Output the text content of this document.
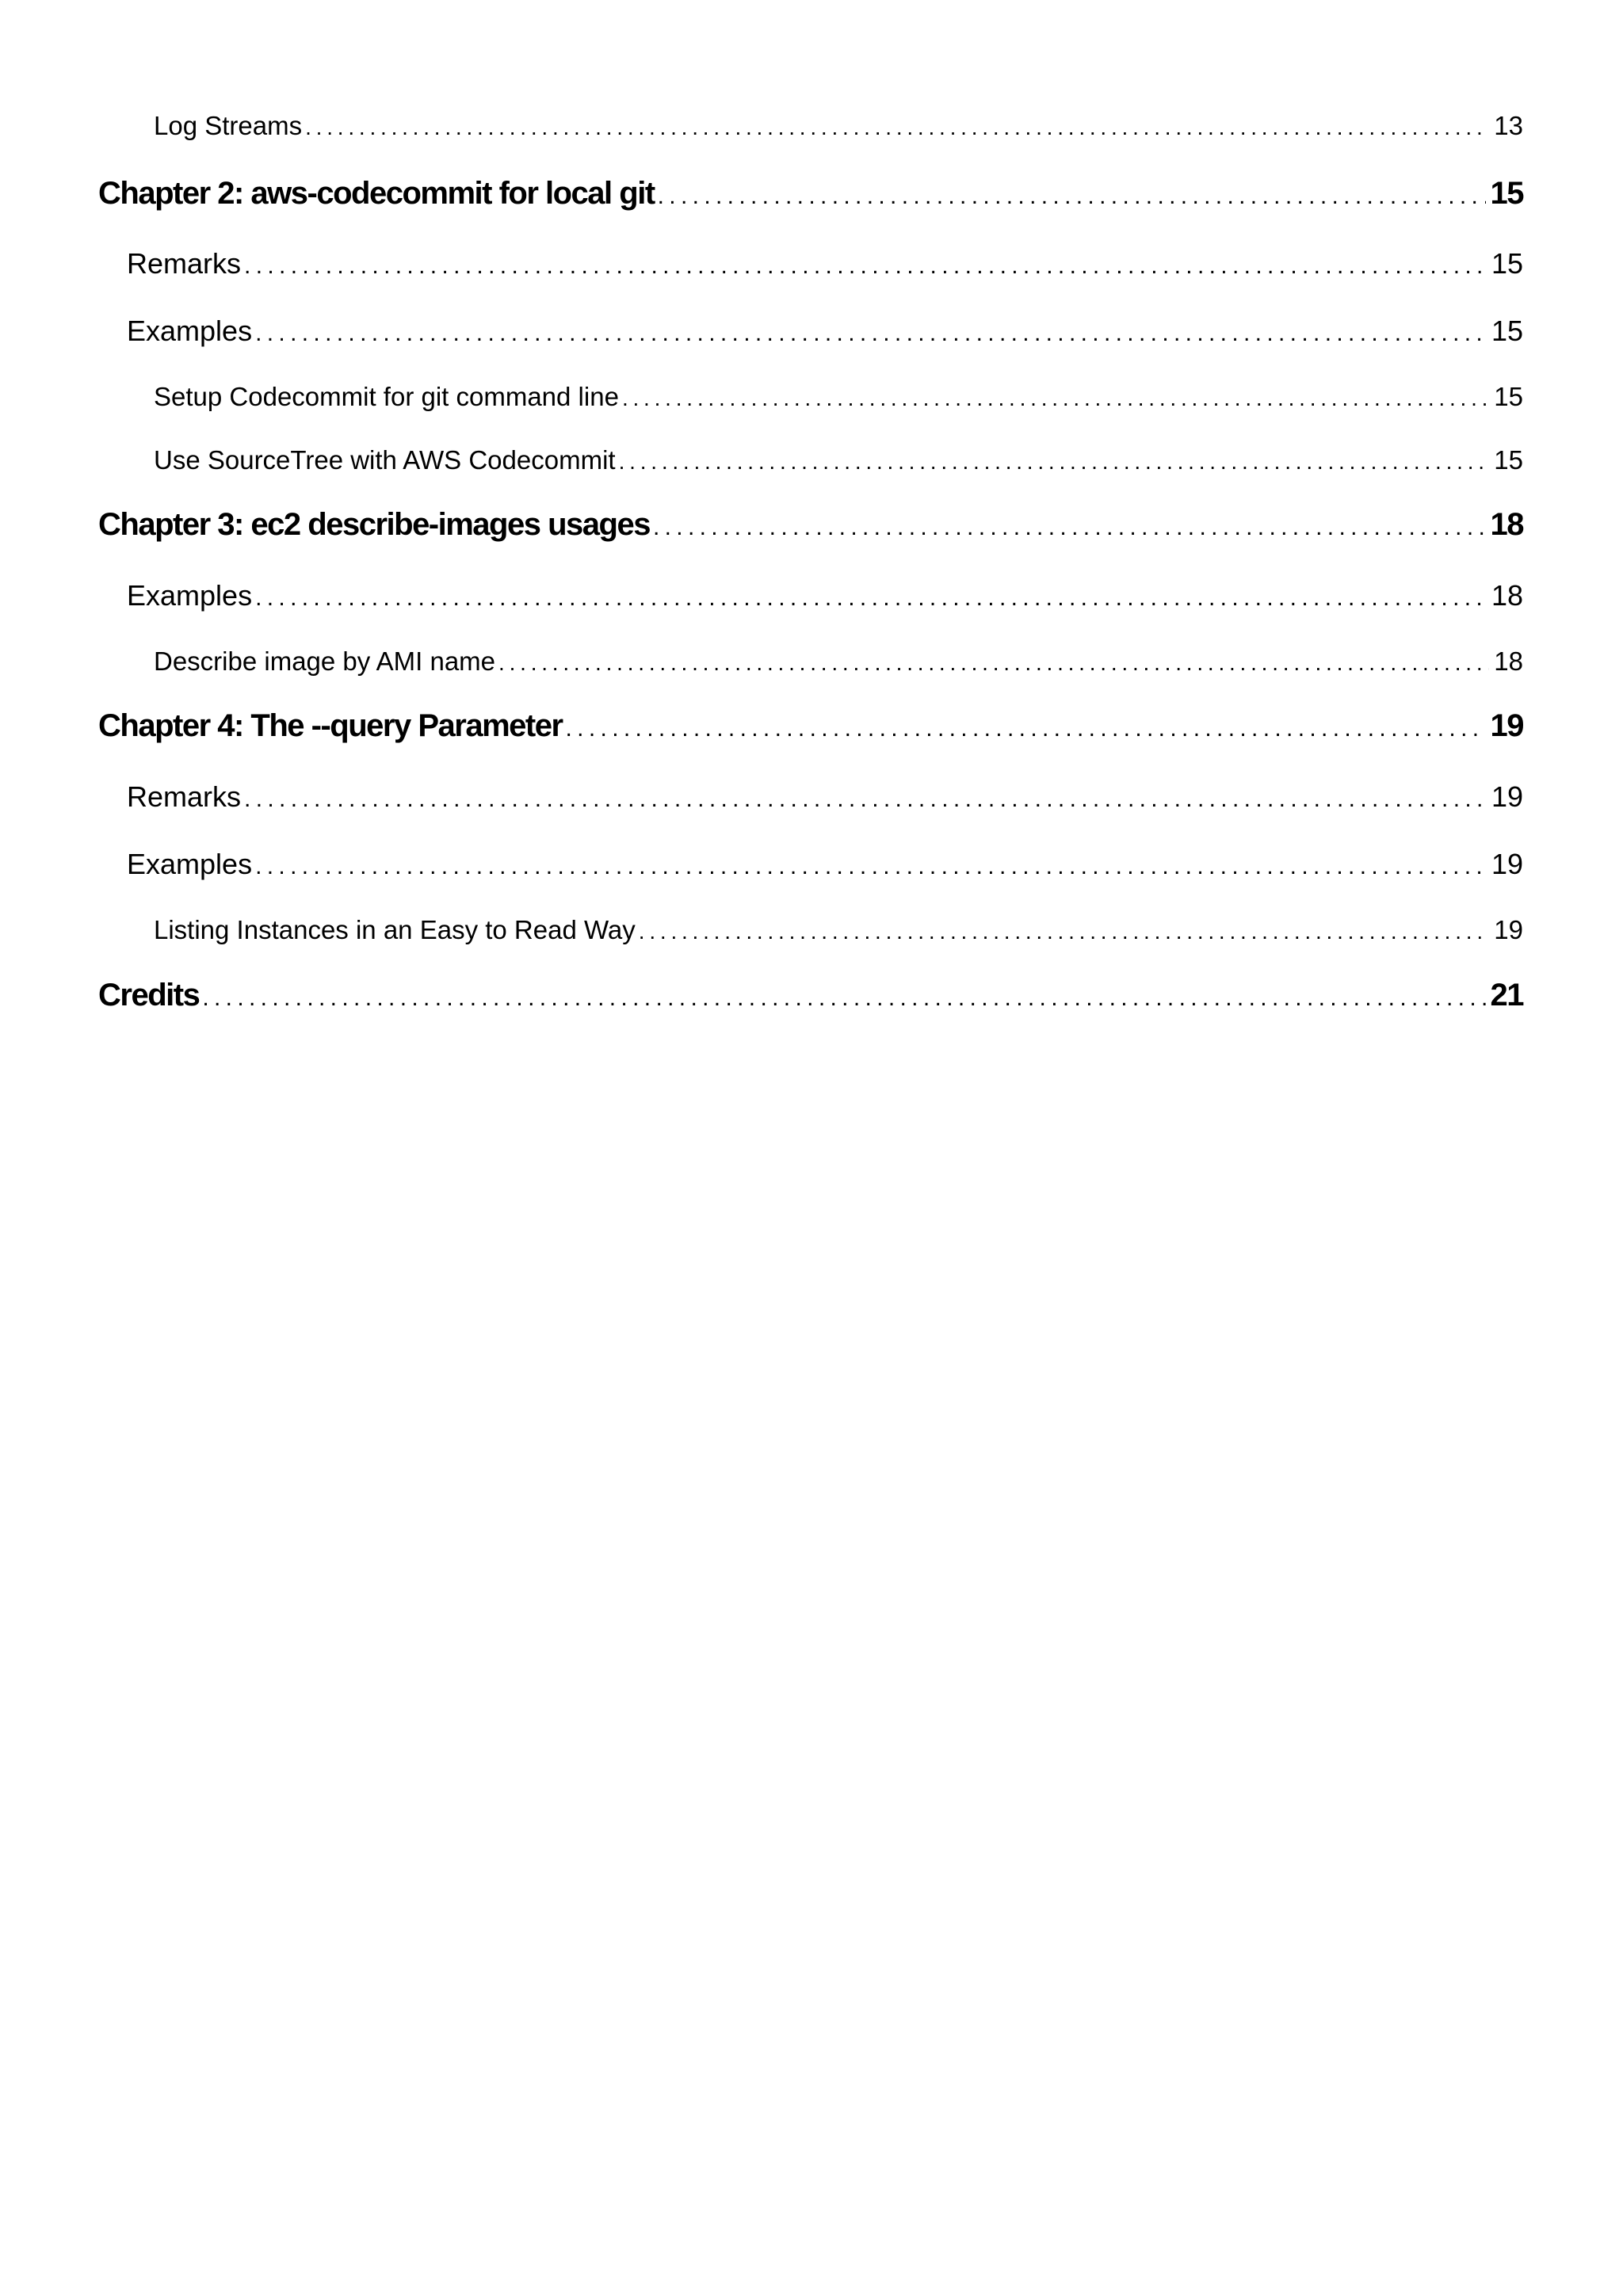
Log Streams . . .	13
Chapter 2: aws-codecommit for local git . . .	15
Remarks . . .	15
Examples . . .	15
Setup Codecommit for git command line . . .	15
Use SourceTree with AWS Codecommit . . .	15
Chapter 3: ec2 describe-images usages . . .	18
Examples . . .	18
Describe image by AMI name . . .	18
Chapter 4: The --query Parameter . . .	19
Remarks . . .	19
Examples . . .	19
Listing Instances in an Easy to Read Way . . .	19
Credits . . .	21
